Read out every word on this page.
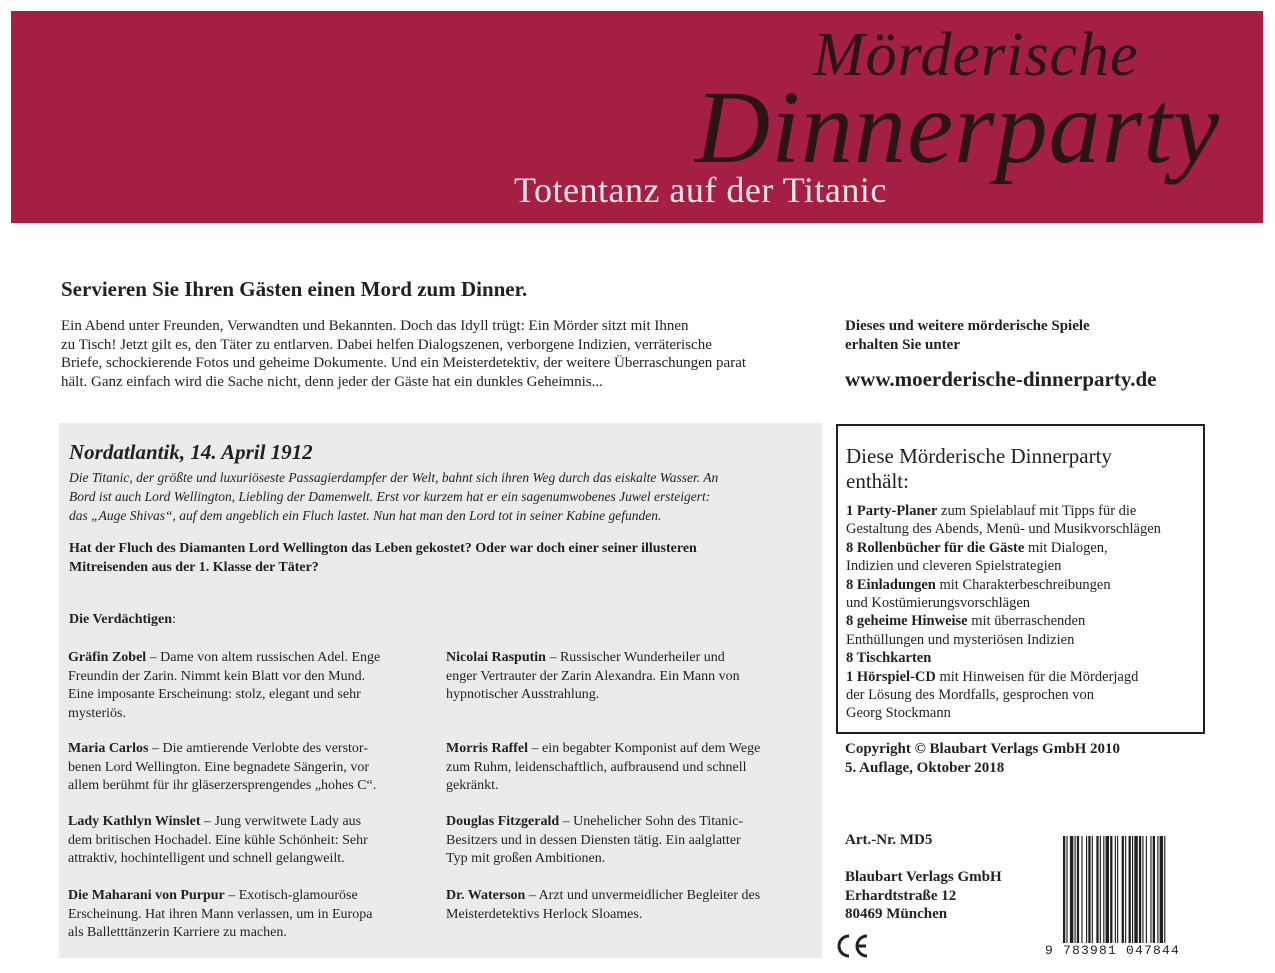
Totentanz auf der Titanic
Mörderische
Dinnerparty
Servieren Sie Ihren Gästen einen Mord zum Dinner.
Ein Abend unter Freunden, Verwandten und Bekannten. Doch das Idyll trügt: Ein Mörder sitzt mit Ihnen
zu Tisch! Jetzt gilt es, den Täter zu entlarven. Dabei helfen Dialogszenen, verborgene Indizien, verräterische
Briefe, schockierende Fotos und geheime Dokumente. Und ein Meisterdetektiv, der weitere Überraschungen parat
hält. Ganz einfach wird die Sache nicht, denn jeder der Gäste hat ein dunkles Geheimnis...
Dieses und weitere mörderische Spiele
erhalten Sie unter
www.moerderische-dinnerparty.de
Nordatlantik, 14. April 1912
Die Titanic, der größte und luxuriöseste Passagierdampfer der Welt, bahnt sich ihren Weg durch das eiskalte Wasser. An
Bord ist auch Lord Wellington, Liebling der Damenwelt. Erst vor kurzem hat er ein sagenumwobenes Juwel ersteigert:
das „Auge Shivas“, auf dem angeblich ein Fluch lastet. Nun hat man den Lord tot in seiner Kabine gefunden.
Hat der Fluch des Diamanten Lord Wellington das Leben gekostet? Oder war doch einer seiner illusteren
Mitreisenden aus der 1. Klasse der Täter?
Die Verdächtigen:
Gräfin Zobel – Dame von altem russischen Adel. Enge
Freundin der Zarin. Nimmt kein Blatt vor den Mund.
Eine imposante Erscheinung: stolz, elegant und sehr
mysteriös.
Maria Carlos – Die amtierende Verlobte des verstor-
benen Lord Wellington. Eine begnadete Sängerin, vor
allem berühmt für ihr gläserzersprengendes „hohes C“.
Lady Kathlyn Winslet – Jung verwitwete Lady aus
dem britischen Hochadel. Eine kühle Schönheit: Sehr
attraktiv, hochintelligent und schnell gelangweilt.
Die Maharani von Purpur – Exotisch-glamouröse
Erscheinung. Hat ihren Mann verlassen, um in Europa
als Balletttänzerin Karriere zu machen.
Nicolai Rasputin – Russischer Wunderheiler und
enger Vertrauter der Zarin Alexandra. Ein Mann von
hypnotischer Ausstrahlung.
Morris Raffel – ein begabter Komponist auf dem Wege
zum Ruhm, leidenschaftlich, aufbrausend und schnell
gekränkt.
Douglas Fitzgerald – Unehelicher Sohn des Titanic-
Besitzers und in dessen Diensten tätig. Ein aalglatter
Typ mit großen Ambitionen.
Dr. Waterson – Arzt und unvermeidlicher Begleiter des
Meisterdetektivs Herlock Sloames.
Diese Mörderische Dinnerparty
enthält:
1 Party-Planer zum Spielablauf mit Tipps für die
Gestaltung des Abends, Menü- und Musikvorschlägen
8 Rollenbücher für die Gäste mit Dialogen,
Indizien und cleveren Spielstrategien
8 Einladungen mit Charakterbeschreibungen
und Kostümierungsvorschlägen
8 geheime Hinweise mit überraschenden
Enthüllungen und mysteriösen Indizien
8 Tischkarten
1 Hörspiel-CD mit Hinweisen für die Mörderjagd
der Lösung des Mordfalls, gesprochen von
Georg Stockmann
Copyright © Blaubart Verlags GmbH 2010
5. Auflage, Oktober 2018
Art.-Nr. MD5
Blaubart Verlags GmbH
Erhardtstraße 12
80469 München
9 783981 047844
